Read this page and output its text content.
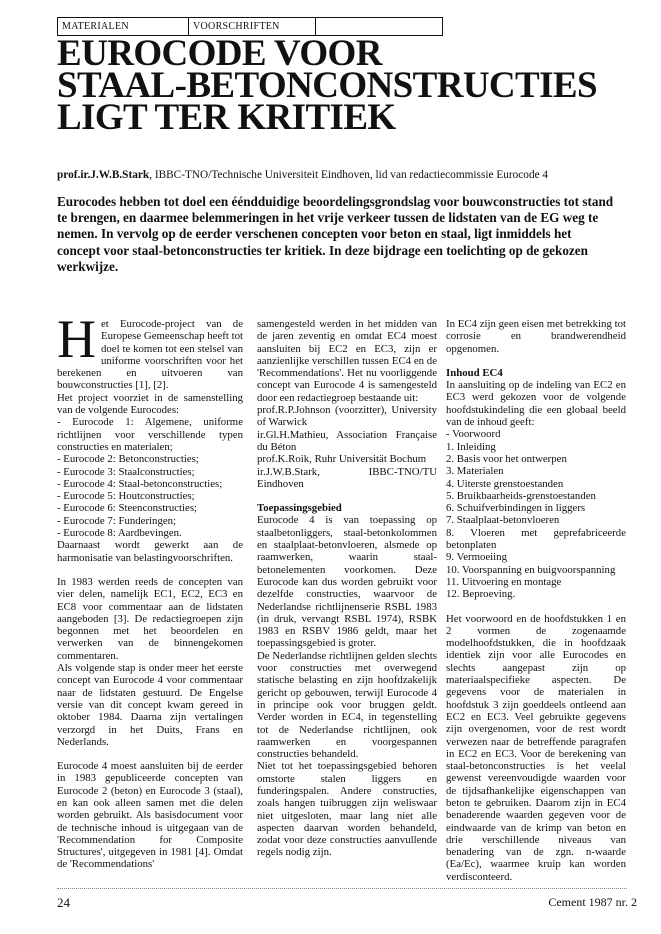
MATERIALEN	VOORSCHRIFTEN
EUROCODE VOOR
STAAL-BETONCONSTRUCTIES
LIGT TER KRITIEK
prof.ir.J.W.B.Stark, IBBC-TNO/Technische Universiteit Eindhoven, lid van redactiecommissie Eurocode 4
Eurocodes hebben tot doel een ééndduidige beoordelingsgrondslag voor bouwconstructies tot stand te brengen, en daarmee belemmeringen in het vrije verkeer tussen de lidstaten van de EG weg te nemen. In vervolg op de eerder verschenen concepten voor beton en staal, ligt inmiddels het concept voor staal-betonconstructies ter kritiek. In deze bijdrage een toelichting op de gekozen werkwijze.

Het Eurocode-project van de Europese Gemeenschap heeft tot doel te komen tot een stelsel van uniforme voorschriften voor het berekenen en uitvoeren van bouwconstructies [1], [2].
Het project voorziet in de samenstelling van de volgende Eurocodes:
- Eurocode 1: Algemene, uniforme richtlijnen voor verschillende typen constructies en materialen;
- Eurocode 2: Betonconstructies;
- Eurocode 3: Staalconstructies;
- Eurocode 4: Staal-betonconstructies;
- Eurocode 5: Houtconstructies;
- Eurocode 6: Steenconstructies;
- Eurocode 7: Funderingen;
- Eurocode 8: Aardbevingen.
Daarnaast wordt gewerkt aan de harmonisatie van belastingvoorschriften.

In 1983 werden reeds de concepten van vier delen, namelijk EC1, EC2, EC3 en EC8 voor commentaar aan de lidstaten aangeboden [3]. De redactiegroepen zijn begonnen met het beoordelen en verwerken van de binnengekomen commentaren.
Als volgende stap is onder meer het eerste concept van Eurocode 4 voor commentaar naar de lidstaten gestuurd. De Engelse versie van dit concept kwam gereed in oktober 1984. Daarna zijn vertalingen verzorgd in het Duits, Frans en Nederlands.

Eurocode 4 moest aansluiten bij de eerder in 1983 gepubliceerde concepten van Eurocode 2 (beton) en Eurocode 3 (staal), en kan ook alleen samen met die delen worden gebruikt. Als basisdocument voor de technische inhoud is uitgegaan van de 'Recommendation for Composite Structures', uitgegeven in 1981 [4]. Omdat de 'Recommendations'

samengesteld werden in het midden van de jaren zeventig en omdat EC4 moest aansluiten bij EC2 en EC3, zijn er aanzienlijke verschillen tussen EC4 en de 'Recommendations'. Het nu voorliggende concept van Eurocode 4 is samengesteld door een redactiegroep bestaande uit:
prof.R.P.Johnson (voorzitter), University of Warwick
ir.Gl.H.Mathieu, Association Française du Béton
prof.K.Roik, Ruhr Universität Bochum
ir.J.W.B.Stark, IBBC-TNO/TU Eindhoven

Toepassingsgebied

Eurocode 4 is van toepassing op staalbetonliggers, staal-betonkolommen en staalplaat-betonvloeren, alsmede op raamwerken, waarin staal-betonelementen voorkomen. Deze Eurocode kan dus worden gebruikt voor dezelfde constructies, waarvoor de Nederlandse richtlijnenserie RSBL 1983 (in druk, vervangt RSBL 1974), RSBK 1983 en RSBV 1986 geldt, maar het toepassingsgebied is groter.
De Nederlandse richtlijnen gelden slechts voor constructies met overwegend statische belasting en zijn hoofdzakelijk gericht op gebouwen, terwijl Eurocode 4 in principe ook voor bruggen geldt. Verder worden in EC4, in tegenstelling tot de Nederlandse richtlijnen, ook raamwerken en voorgespannen constructies behandeld.
Niet tot het toepassingsgebied behoren omstorte stalen liggers en funderingspalen. Andere constructies, zoals hangen tuibruggen zijn weliswaar niet uitgesloten, maar lang niet alle aspecten daarvan worden behandeld, zodat voor deze constructies aanvullende regels nodig zijn.

In EC4 zijn geen eisen met betrekking tot corrosie en brandwerendheid opgenomen.

Inhoud EC4

In aansluiting op de indeling van EC2 en EC3 werd gekozen voor de volgende hoofdstukindeling die een globaal beeld van de inhoud geeft:
- Voorwoord
1. Inleiding
2. Basis voor het ontwerpen
3. Materialen
4. Uiterste grenstoestanden
5. Bruikbaarheids-grenstoestanden
6. Schuifverbindingen in liggers
7. Staalplaat-betonvloeren
8. Vloeren met geprefabriceerde betonplaten
9. Vermoeiing
10. Voorspanning en buigvoorspanning
11. Uitvoering en montage
12. Beproeving.

Het voorwoord en de hoofdstukken 1 en 2 vormen de zogenaamde modelhoofdstukken, die in hoofdzaak identiek zijn voor alle Eurocodes en slechts aangepast zijn op materiaalspecifieke aspecten. De gegevens voor de materialen in hoofdstuk 3 zijn goeddeels ontleend aan EC2 en EC3. Veel gebruikte gegevens zijn overgenomen, voor de rest wordt verwezen naar de betreffende paragrafen in EC2 en EC3. Voor de berekening van staal-betonconstructies is het veelal gewenst vereenvoudigde waarden voor de tijdsafhankelijke eigenschappen van beton te gebruiken. Daarom zijn in EC4 benaderende waarden gegeven voor de eindwaarde van de krimp van beton en drie verschillende niveaus van benadering van de zgn. n-waarde (Ea/Ec), waarmee kruip kan worden verdisconteerd.

24	Cement 1987 nr. 2
